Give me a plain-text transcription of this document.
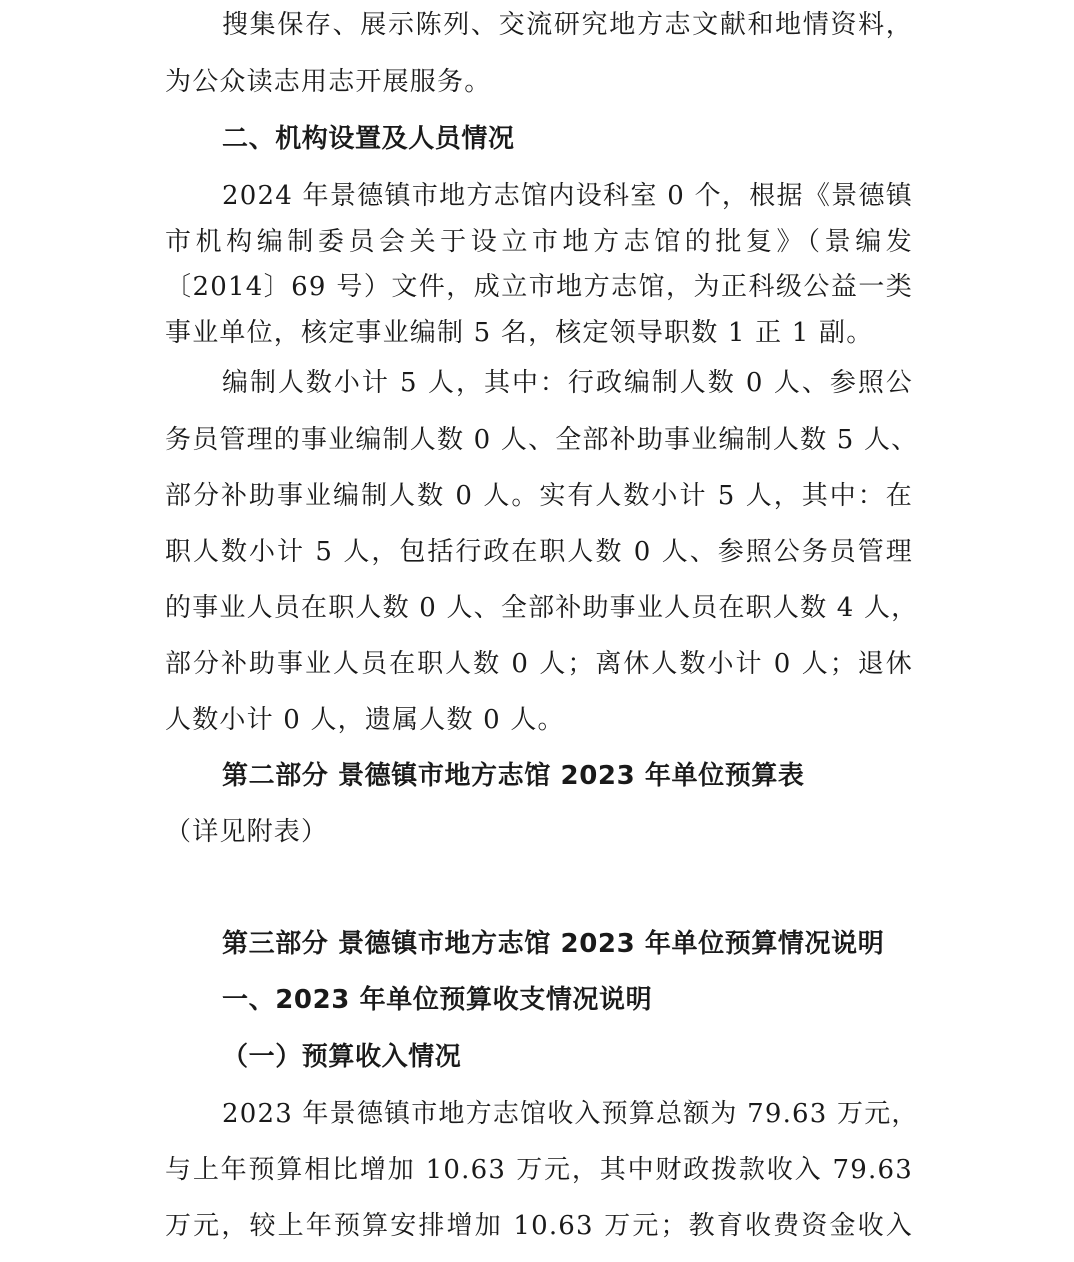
搜集保存、展示陈列、交流研究地方志文献和地情资料，
为公众读志用志开展服务。
二、机构设置及人员情况
2024 年景德镇市地方志馆内设科室 0 个，根据《景德镇
市机构编制委员会关于设立市地方志馆的批复》（景编发
〔2014〕69 号）文件，成立市地方志馆，为正科级公益一类
事业单位，核定事业编制 5 名，核定领导职数 1 正 1 副。
编制人数小计 5 人，其中：行政编制人数 0 人、参照公
务员管理的事业编制人数 0 人、全部补助事业编制人数 5 人、
部分补助事业编制人数 0 人。实有人数小计 5 人，其中：在
职人数小计 5 人，包括行政在职人数 0 人、参照公务员管理
的事业人员在职人数 0 人、全部补助事业人员在职人数 4 人，
部分补助事业人员在职人数 0 人；离休人数小计 0 人；退休
人数小计 0 人，遗属人数 0 人。
第二部分 景德镇市地方志馆 2023 年单位预算表
（详见附表）
第三部分 景德镇市地方志馆 2023 年单位预算情况说明
一、2023 年单位预算收支情况说明
（一）预算收入情况
2023 年景德镇市地方志馆收入预算总额为 79.63 万元，
与上年预算相比增加 10.63 万元，其中财政拨款收入 79.63
万元，较上年预算安排增加 10.63 万元；教育收费资金收入
